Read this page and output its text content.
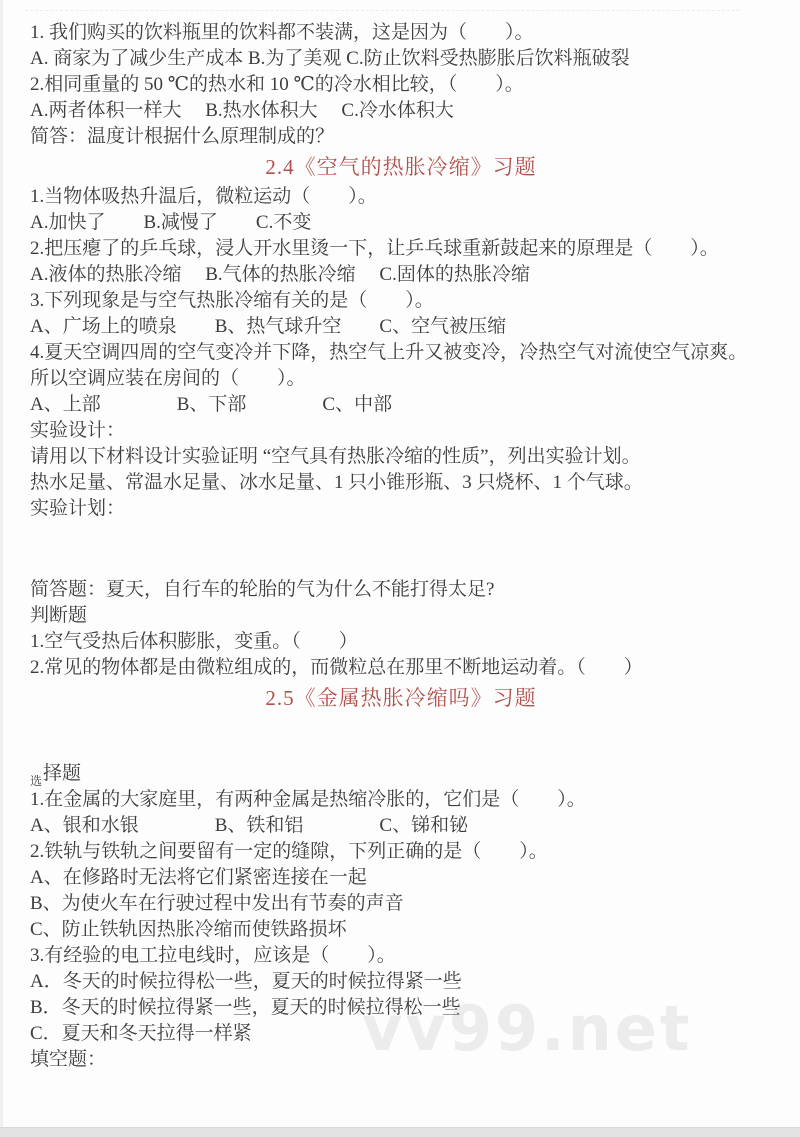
vv99.net
1. 我们购买的饮料瓶里的饮料都不装满，这是因为（　　）。
A. 商家为了减少生产成本 B.为了美观 C.防止饮料受热膨胀后饮料瓶破裂
2.相同重量的 50 ℃的热水和 10 ℃的冷水相比较，（　　）。
A.两者体积一样大　 B.热水体积大　 C.冷水体积大
简答：温度计根据什么原理制成的？
2.4《空气的热胀冷缩》习题
1.当物体吸热升温后，微粒运动（　　）。
A.加快了　　B.减慢了　　C.不变
2.把压瘪了的乒乓球，浸人开水里烫一下，让乒乓球重新鼓起来的原理是（　　）。
A.液体的热胀冷缩　 B.气体的热胀冷缩　 C.固体的热胀冷缩
3.下列现象是与空气热胀冷缩有关的是（　　）。
A、广场上的喷泉　　B、热气球升空　　C、空气被压缩
4.夏天空调四周的空气变冷并下降，热空气上升又被变冷，冷热空气对流使空气凉爽。
所以空调应装在房间的（　　）。
A、上部　　　　B、下部　　　　C、中部
实验设计：
请用以下材料设计实验证明 “空气具有热胀冷缩的性质”，列出实验计划。
热水足量、常温水足量、冰水足量、1 只小锥形瓶、3 只烧杯、1 个气球。
实验计划：
简答题：夏天，自行车的轮胎的气为什么不能打得太足?
判断题
1.空气受热后体积膨胀，变重。（　　）
2.常见的物体都是由微粒组成的，而微粒总在那里不断地运动着。（　　）
2.5《金属热胀冷缩吗》习题
$_选$择题
1.在金属的大家庭里，有两种金属是热缩冷胀的，它们是（　　）。
A、银和水银　　　　B、铁和铝　　　　C、锑和铋
2.铁轨与铁轨之间要留有一定的缝隙，下列正确的是（　　）。
A、在修路时无法将它们紧密连接在一起
B、为使火车在行驶过程中发出有节奏的声音
C、防止铁轨因热胀冷缩而使铁路损坏
3.有经验的电工拉电线时，应该是（　　）。
A．冬天的时候拉得松一些，夏天的时候拉得紧一些
B．冬天的时候拉得紧一些，夏天的时候拉得松一些
C．夏天和冬天拉得一样紧
填空题：
